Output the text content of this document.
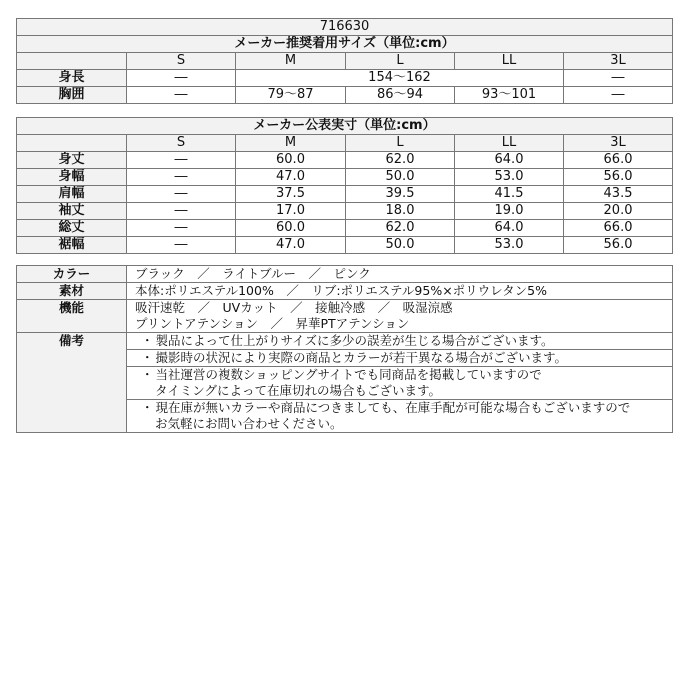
716630					
メーカー推奨着用サイズ（単位:cm）					
	S	M	L	LL	3L
身長	―	154～162			―
胸囲	―	79～87	86～94	93～101	―
メーカー公表実寸（単位:cm）					
	S	M	L	LL	3L
身丈	―	60.0	62.0	64.0	66.0
身幅	―	47.0	50.0	53.0	56.0
肩幅	―	37.5	39.5	41.5	43.5
袖丈	―	17.0	18.0	19.0	20.0
総丈	―	60.0	62.0	64.0	66.0
裾幅	―	47.0	50.0	53.0	56.0
カラー	ブラック　／　ライトブルー　／　ピンク
素材	本体:ポリエステル100%　／　リブ:ポリエステル95%×ポリウレタン5%
機能	吸汗速乾　／　UVカット　／　接触冷感　／　吸湿涼感
プリントアテンション　／　昇華PTアテンション

備考	・ 製品によって仕上がりサイズに多少の誤差が生じる場合がございます。
	・ 撮影時の状況により実際の商品とカラーが若干異なる場合がございます。

	・ 当社運営の複数ショッピングサイトでも同商品を掲載していますので
タイミングによって在庫切れの場合もございます。

	・ 現在庫が無いカラーや商品につきましても、在庫手配が可能な場合もございますので
お気軽にお問い合わせください。
